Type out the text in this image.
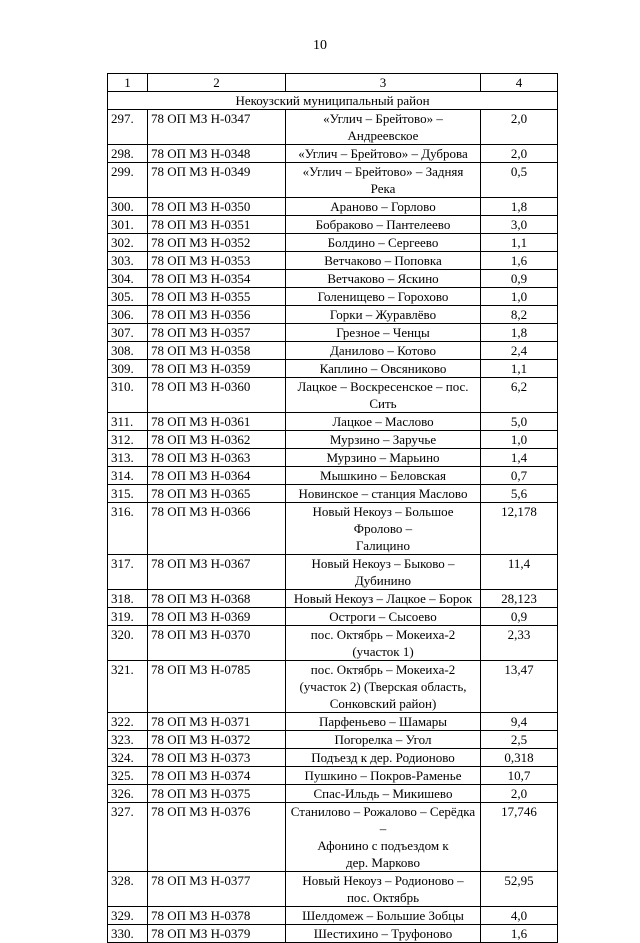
10
1	2	3	4
Некоузский муниципальный район			
297.	78 ОП МЗ Н-0347	«Углич – Брейтово» – Андреевское	2,0
298.	78 ОП МЗ Н-0348	«Углич – Брейтово» – Дуброва	2,0
299.	78 ОП МЗ Н-0349	«Углич – Брейтово» – Задняя Река	0,5
300.	78 ОП МЗ Н-0350	Араново – Горлово	1,8
301.	78 ОП МЗ Н-0351	Бобраково – Пантелеево	3,0
302.	78 ОП МЗ Н-0352	Болдино – Сергеево	1,1
303.	78 ОП МЗ Н-0353	Ветчаково – Поповка	1,6
304.	78 ОП МЗ Н-0354	Ветчаково – Яскино	0,9
305.	78 ОП МЗ Н-0355	Голенищево – Горохово	1,0
306.	78 ОП МЗ Н-0356	Горки – Журавлёво	8,2
307.	78 ОП МЗ Н-0357	Грезное – Ченцы	1,8
308.	78 ОП МЗ Н-0358	Данилово – Котово	2,4
309.	78 ОП МЗ Н-0359	Каплино – Овсяниково	1,1
310.	78 ОП МЗ Н-0360	Лацкое – Воскресенское – пос. Сить	6,2
311.	78 ОП МЗ Н-0361	Лацкое – Маслово	5,0
312.	78 ОП МЗ Н-0362	Мурзино – Заручье	1,0
313.	78 ОП МЗ Н-0363	Мурзино – Марьино	1,4
314.	78 ОП МЗ Н-0364	Мышкино – Беловская	0,7
315.	78 ОП МЗ Н-0365	Новинское – станция Маслово	5,6
316.	78 ОП МЗ Н-0366	Новый Некоуз – Большое Фролово –
Галицино	12,178
317.	78 ОП МЗ Н-0367	Новый Некоуз – Быково – Дубинино	11,4
318.	78 ОП МЗ Н-0368	Новый Некоуз – Лацкое – Борок	28,123
319.	78 ОП МЗ Н-0369	Остроги – Сысоево	0,9
320.	78 ОП МЗ Н-0370	пос. Октябрь – Мокеиха-2
(участок 1)	2,33
321.	78 ОП МЗ Н-0785	пос. Октябрь – Мокеиха-2
(участок 2) (Тверская область,
Сонковский район)	13,47
322.	78 ОП МЗ Н-0371	Парфеньево – Шамары	9,4
323.	78 ОП МЗ Н-0372	Погорелка – Угол	2,5
324.	78 ОП МЗ Н-0373	Подъезд к дер. Родионово	0,318
325.	78 ОП МЗ Н-0374	Пушкино – Покров-Раменье	10,7
326.	78 ОП МЗ Н-0375	Спас-Ильдь – Микишево	2,0
327.	78 ОП МЗ Н-0376	Станилово – Рожалово – Серёдка –
Афонино с подъездом к
дер. Марково	17,746
328.	78 ОП МЗ Н-0377	Новый Некоуз – Родионово –
пос. Октябрь	52,95
329.	78 ОП МЗ Н-0378	Шелдомеж – Большие Зобцы	4,0
330.	78 ОП МЗ Н-0379	Шестихино – Труфоново	1,6
